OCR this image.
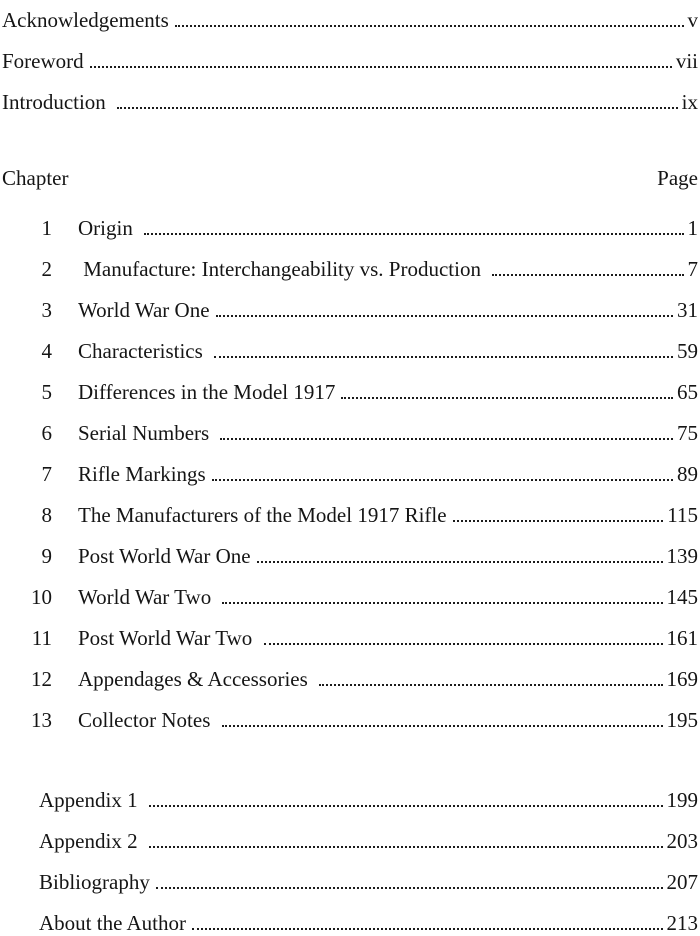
Acknowledgements	v
Foreword	vii
Introduction	ix
Chapter	Page
1 Origin	1
2 Manufacture: Interchangeability vs. Production	7
3 World War One	31
4 Characteristics	59
5 Differences in the Model 1917	65
6 Serial Numbers	75
7 Rifle Markings	89
8 The Manufacturers of the Model 1917 Rifle	115
9 Post World War One	139
10 World War Two	145
11 Post World War Two	161
12 Appendages & Accessories	169
13 Collector Notes	195
Appendix 1	199
Appendix 2	203
Bibliography	207
About the Author	213
